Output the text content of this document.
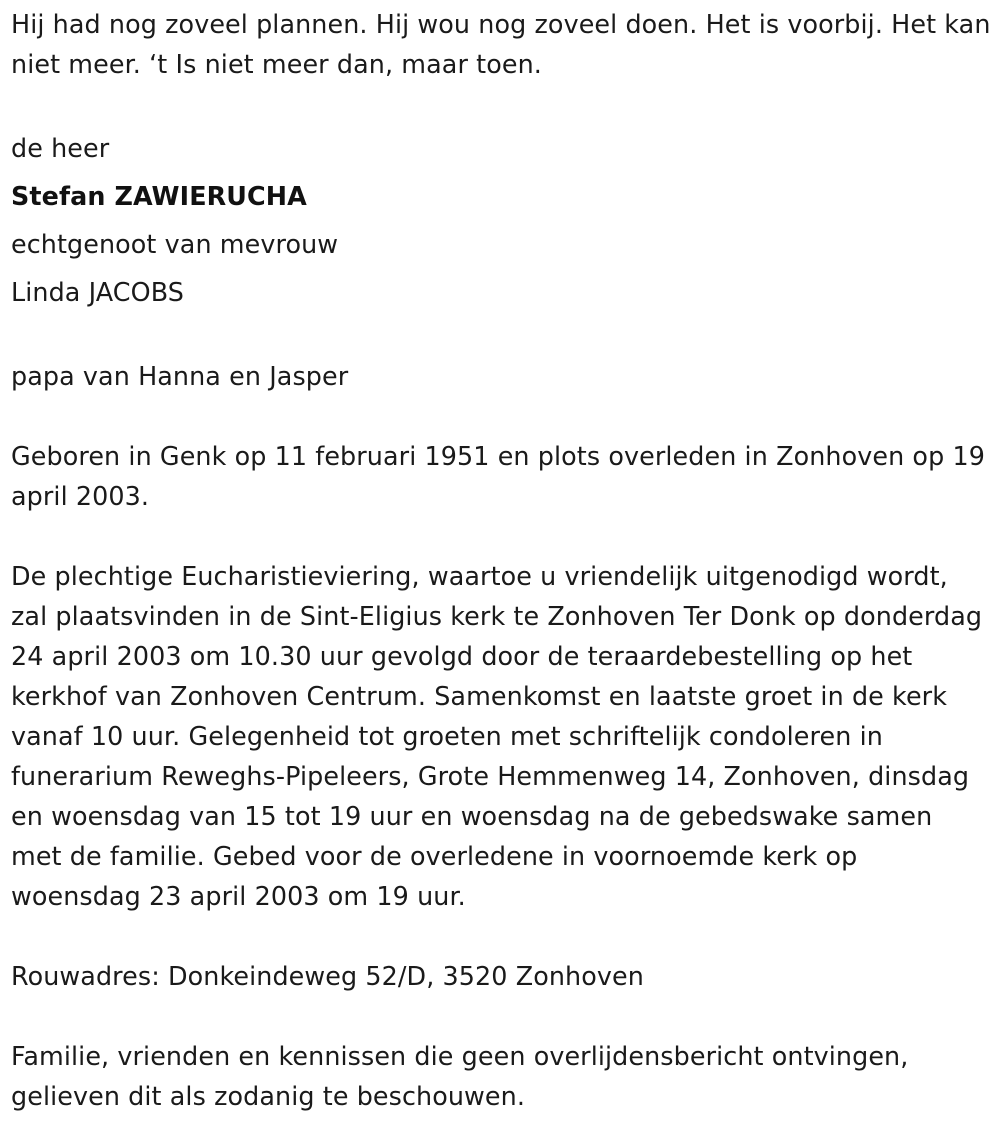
Hij had nog zoveel plannen. Hij wou nog zoveel doen. Het is voorbij. Het kan niet meer. ‘t Is niet meer dan, maar toen.

de heer
Stefan ZAWIERUCHA
echtgenoot van mevrouw
Linda JACOBS

papa van Hanna en Jasper

Geboren in Genk op 11 februari 1951 en plots overleden in Zonhoven op 19 april 2003.

De plechtige Eucharistieviering, waartoe u vriendelijk uitgenodigd wordt, zal plaatsvinden in de Sint-Eligius kerk te Zonhoven Ter Donk op donderdag 24 april 2003 om 10.30 uur gevolgd door de teraardebestelling op het kerkhof van Zonhoven Centrum. Samenkomst en laatste groet in de kerk vanaf 10 uur. Gelegenheid tot groeten met schriftelijk condoleren in funerarium Reweghs-Pipeleers, Grote Hemmenweg 14, Zonhoven, dinsdag en woensdag van 15 tot 19 uur en woensdag na de gebedswake samen met de familie. Gebed voor de overledene in voornoemde kerk op woensdag 23 april 2003 om 19 uur.

Rouwadres: Donkeindeweg 52/D, 3520 Zonhoven

Familie, vrienden en kennissen die geen overlijdensbericht ontvingen, gelieven dit als zodanig te beschouwen.
